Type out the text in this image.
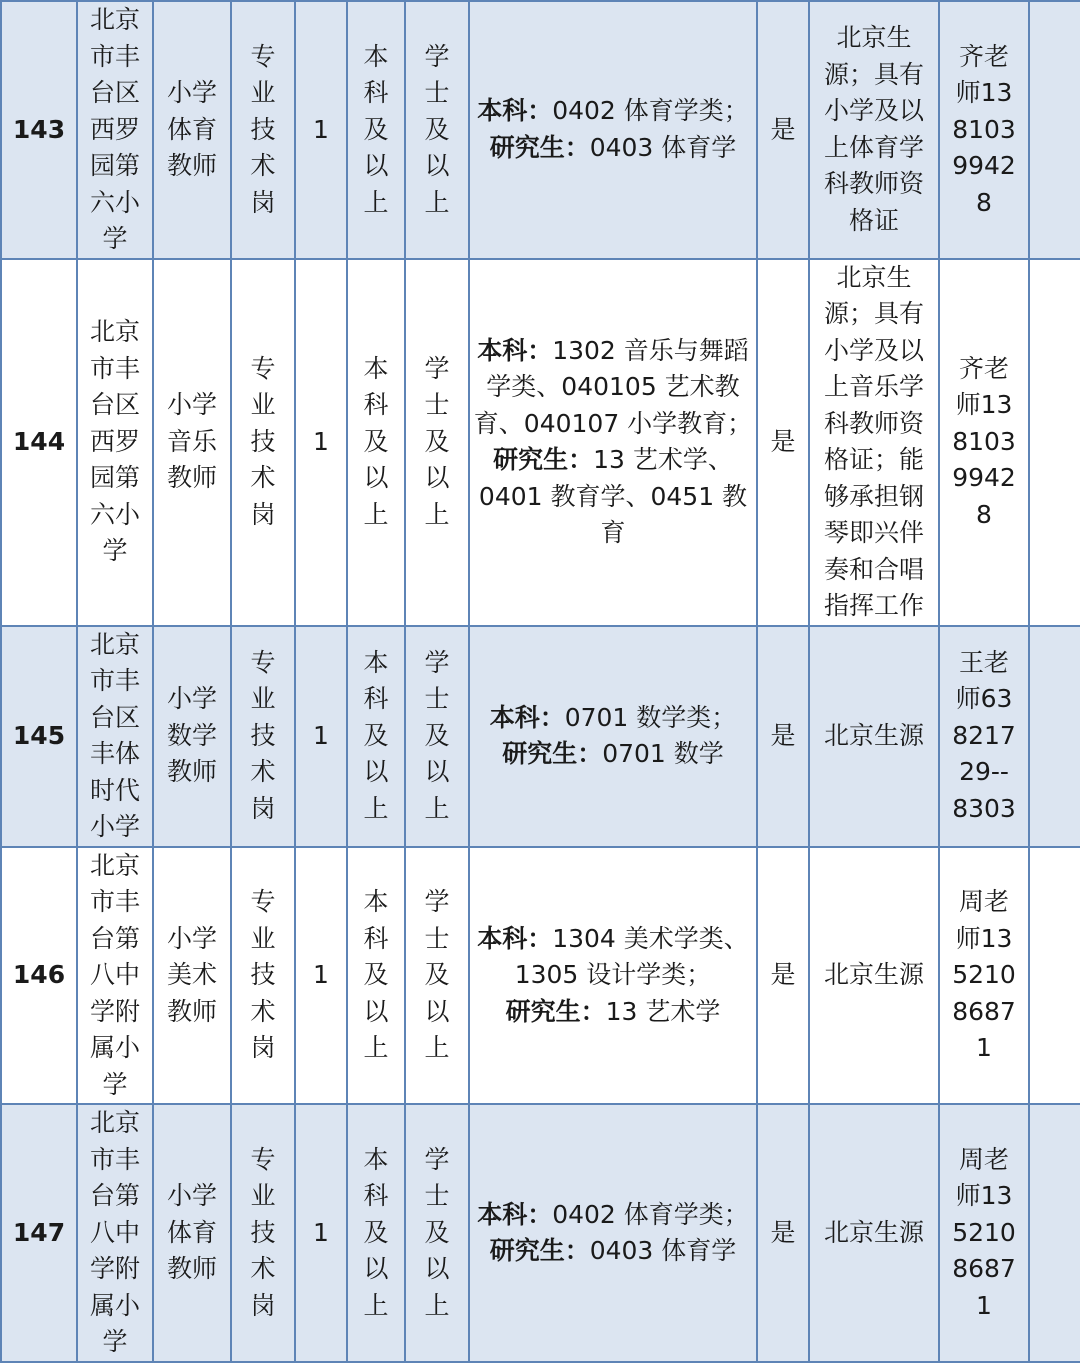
143	北京市丰台区西罗园第六小学	小学体育教师	专业技术岗	1	本科及以上	学士及以上	本科：0402 体育学类；
研究生：0403 体育学	是	北京生源；具有小学及以上体育学科教师资格证	齐老师13810399428	
144	北京市丰台区西罗园第六小学	小学音乐教师	专业技术岗	1	本科及以上	学士及以上	本科：1302 音乐与舞蹈学类、040105 艺术教育、040107 小学教育；
研究生：13 艺术学、0401 教育学、0451 教育	是	北京生源；具有小学及以上音乐学科教师资格证；能够承担钢琴即兴伴奏和合唱指挥工作	齐老师13810399428	
145	北京市丰台区丰体时代小学	小学数学教师	专业技术岗	1	本科及以上	学士及以上	本科：0701 数学类；
研究生：0701 数学	是	北京生源	王老师63821729--8303	
146	北京市丰台第八中学附属小学	小学美术教师	专业技术岗	1	本科及以上	学士及以上	本科：1304 美术学类、1305 设计学类；
研究生：13 艺术学	是	北京生源	周老师13521086871	
147	北京市丰台第八中学附属小学	小学体育教师	专业技术岗	1	本科及以上	学士及以上	本科：0402 体育学类；
研究生：0403 体育学	是	北京生源	周老师13521086871	
